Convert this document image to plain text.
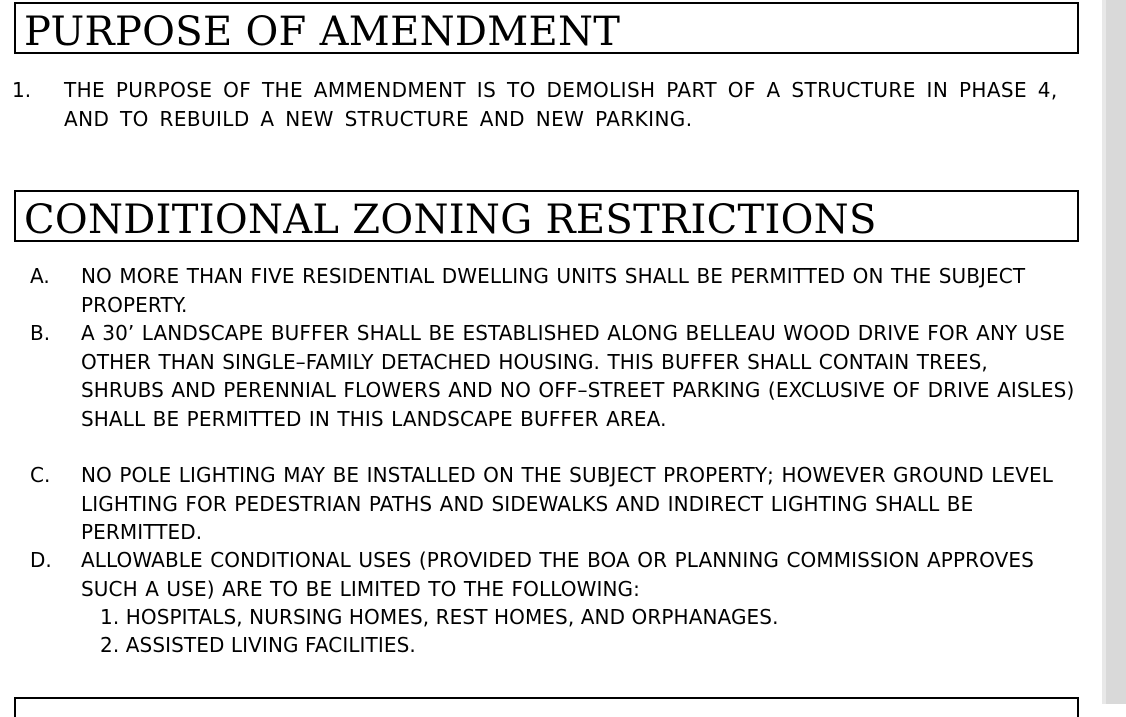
PURPOSE OF AMENDMENT
1. THE PURPOSE OF THE AMMENDMENT IS TO DEMOLISH PART OF A STRUCTURE IN PHASE 4, AND TO REBUILD A NEW STRUCTURE AND NEW PARKING.
CONDITIONAL ZONING RESTRICTIONS
A. NO MORE THAN FIVE RESIDENTIAL DWELLING UNITS SHALL BE PERMITTED ON THE SUBJECT PROPERTY.
B. A 30’ LANDSCAPE BUFFER SHALL BE ESTABLISHED ALONG BELLEAU WOOD DRIVE FOR ANY USE OTHER THAN SINGLE–FAMILY DETACHED HOUSING. THIS BUFFER SHALL CONTAIN TREES, SHRUBS AND PERENNIAL FLOWERS AND NO OFF–STREET PARKING (EXCLUSIVE OF DRIVE AISLES) SHALL BE PERMITTED IN THIS LANDSCAPE BUFFER AREA.
C. NO POLE LIGHTING MAY BE INSTALLED ON THE SUBJECT PROPERTY; HOWEVER GROUND LEVEL LIGHTING FOR PEDESTRIAN PATHS AND SIDEWALKS AND INDIRECT LIGHTING SHALL BE PERMITTED.
D. ALLOWABLE CONDITIONAL USES (PROVIDED THE BOA OR PLANNING COMMISSION APPROVES SUCH A USE) ARE TO BE LIMITED TO THE FOLLOWING:
1. HOSPITALS, NURSING HOMES, REST HOMES, AND ORPHANAGES.
2. ASSISTED LIVING FACILITIES.
